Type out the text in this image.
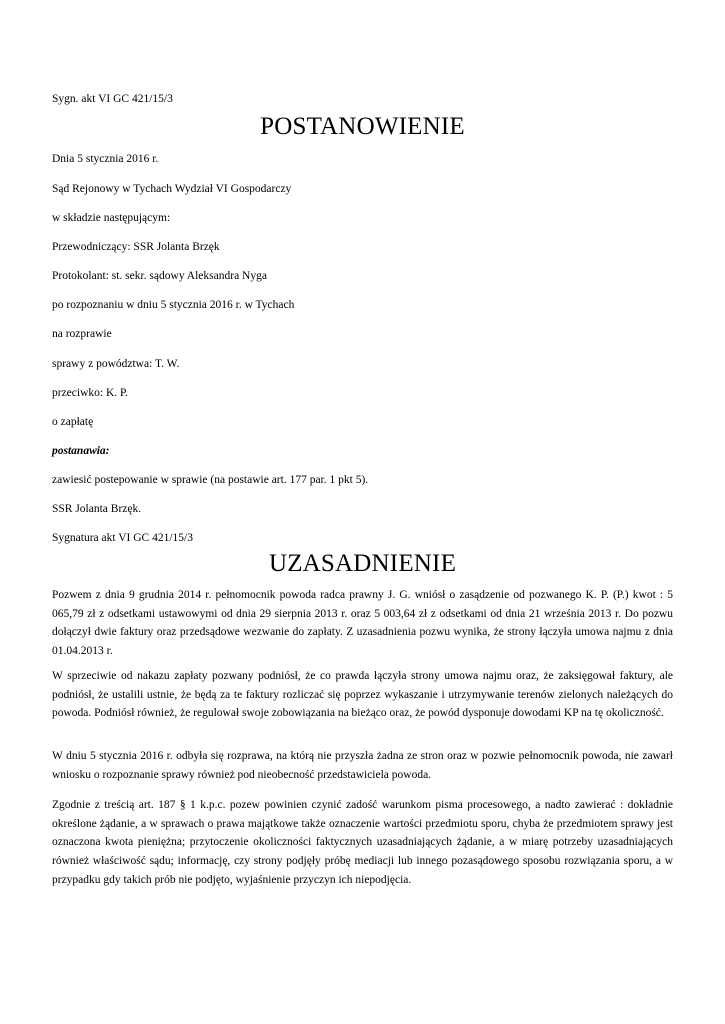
Sygn. akt VI GC 421/15/3
POSTANOWIENIE
Dnia 5 stycznia 2016 r.
Sąd Rejonowy w Tychach Wydział VI Gospodarczy
w składzie następującym:
Przewodniczący: SSR Jolanta Brzęk
Protokolant: st. sekr. sądowy Aleksandra Nyga
po rozpoznaniu w dniu 5 stycznia 2016 r. w Tychach
na rozprawie
sprawy z powództwa: T. W.
przeciwko: K. P.
o zapłatę
postanawia:
zawiesić postepowanie w sprawie (na postawie art. 177 par. 1 pkt 5).
SSR Jolanta Brzęk.
Sygnatura akt VI GC 421/15/3
UZASADNIENIE
Pozwem z dnia 9 grudnia 2014 r. pełnomocnik powoda radca prawny J. G. wniósł o zasądzenie od pozwanego K. P. (P.) kwot : 5 065,79 zł z odsetkami ustawowymi od dnia 29 sierpnia 2013 r. oraz 5 003,64 zł z odsetkami od dnia 21 września 2013 r. Do pozwu dołączył dwie faktury oraz przedsądowe wezwanie do zapłaty. Z uzasadnienia pozwu wynika, że strony łączyła umowa najmu z dnia 01.04.2013 r.
W sprzeciwie od nakazu zapłaty pozwany podniósł, że co prawda łączyła strony umowa najmu oraz, że zaksięgował faktury, ale podniósł, że ustalili ustnie, że będą za te faktury rozliczać się poprzez wykaszanie i utrzymywanie terenów zielonych należących do powoda. Podniósł również, że regulował swoje zobowiązania na bieżąco oraz, że powód dysponuje dowodami KP na tę okoliczność.
W dniu 5 stycznia 2016 r. odbyła się rozprawa, na którą nie przyszła żadna ze stron oraz w pozwie pełnomocnik powoda, nie zawarł wniosku o rozpoznanie sprawy również pod nieobecność przedstawiciela powoda.
Zgodnie z treścią art. 187 § 1 k.p.c. pozew powinien czynić zadość warunkom pisma procesowego, a nadto zawierać : dokładnie określone żądanie, a w sprawach o prawa majątkowe także oznaczenie wartości przedmiotu sporu, chyba że przedmiotem sprawy jest oznaczona kwota pieniężna; przytoczenie okoliczności faktycznych uzasadniających żądanie, a w miarę potrzeby uzasadniających również właściwość sądu; informację, czy strony podjęły próbę mediacji lub innego pozasądowego sposobu rozwiązania sporu, a w przypadku gdy takich prób nie podjęto, wyjaśnienie przyczyn ich niepodjęcia.
